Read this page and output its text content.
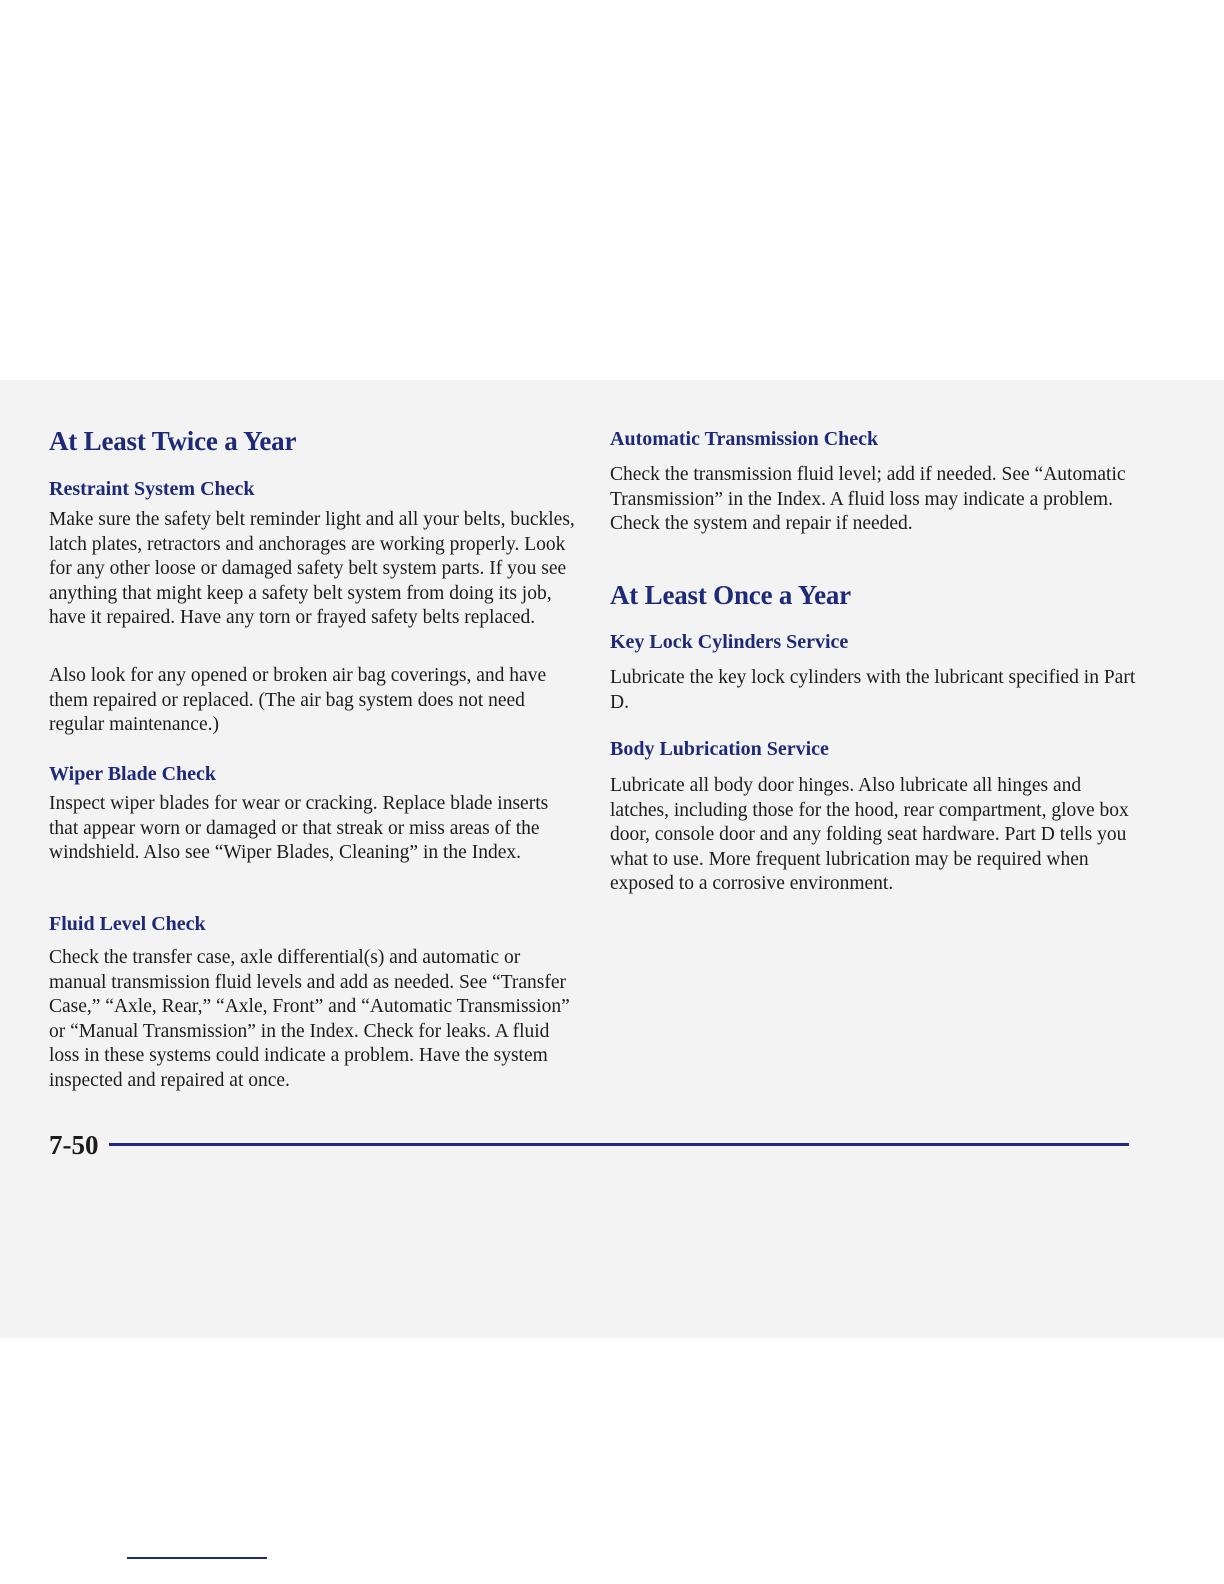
At Least Twice a Year
Restraint System Check

Make sure the safety belt reminder light and all your belts, buckles, latch plates, retractors and anchorages are working properly. Look for any other loose or damaged safety belt system parts. If you see anything that might keep a safety belt system from doing its job, have it repaired. Have any torn or frayed safety belts replaced.

Also look for any opened or broken air bag coverings, and have them repaired or replaced. (The air bag system does not need regular maintenance.)

Wiper Blade Check

Inspect wiper blades for wear or cracking. Replace blade inserts that appear worn or damaged or that streak or miss areas of the windshield. Also see “Wiper Blades, Cleaning” in the Index.

Fluid Level Check

Check the transfer case, axle differential(s) and automatic or manual transmission fluid levels and add as needed. See “Transfer Case,” “Axle, Rear,” “Axle, Front” and “Automatic Transmission” or “Manual Transmission” in the Index. Check for leaks. A fluid loss in these systems could indicate a problem. Have the system inspected and repaired at once.

Automatic Transmission Check

Check the transmission fluid level; add if needed. See “Automatic Transmission” in the Index. A fluid loss may indicate a problem. Check the system and repair if needed.

At Least Once a Year
Key Lock Cylinders Service

Lubricate the key lock cylinders with the lubricant specified in Part D.

Body Lubrication Service

Lubricate all body door hinges. Also lubricate all hinges and latches, including those for the hood, rear compartment, glove box door, console door and any folding seat hardware. Part D tells you what to use. More frequent lubrication may be required when exposed to a corrosive environment.

7-50
